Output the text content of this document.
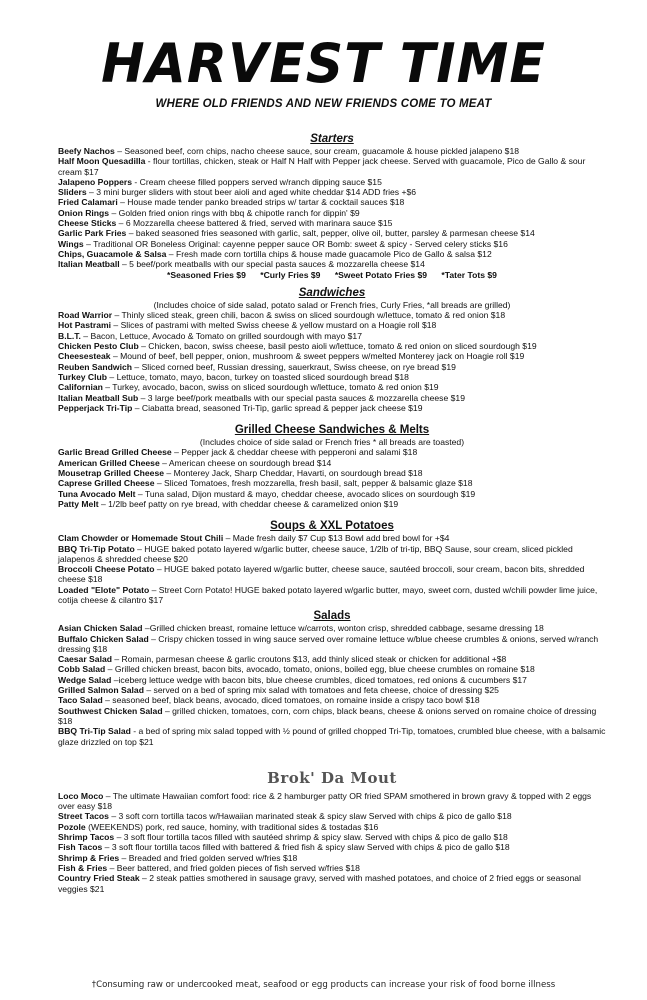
HARVEST TIME
WHERE OLD FRIENDS AND NEW FRIENDS COME TO MEAT
Starters

Beefy Nachos – Seasoned beef, corn chips, nacho cheese sauce, sour cream, guacamole & house pickled jalapeno $18

Half Moon Quesadilla - flour tortillas, chicken, steak or Half N Half with Pepper jack cheese. Served with guacamole, Pico de Gallo & sour cream $17

Jalapeno Poppers - Cream cheese filled poppers served w/ranch dipping sauce $15

Sliders – 3 mini burger sliders with stout beer aioli and aged white cheddar $14 ADD fries +$6

Fried Calamari – House made tender panko breaded strips w/ tartar & cocktail sauces $18

Onion Rings – Golden fried onion rings with bbq & chipotle ranch for dippin' $9

Cheese Sticks – 6 Mozzarella cheese battered & fried, served with marinara sauce $15

Garlic Park Fries – baked seasoned fries seasoned with garlic, salt, pepper, olive oil, butter, parsley & parmesan cheese $14

Wings – Traditional OR Boneless Original: cayenne pepper sauce OR Bomb: sweet & spicy - Served celery sticks $16

Chips, Guacamole & Salsa – Fresh made corn tortilla chips & house made guacamole Pico de Gallo & salsa $12

Italian Meatball – 5 beef/pork meatballs with our special pasta sauces & mozzarella cheese $14

*Seasoned Fries $9 *Curly Fries $9 *Sweet Potato Fries $9 *Tater Tots $9
Sandwiches
(Includes choice of side salad, potato salad or French fries, Curly Fries, *all breads are grilled)

Road Warrior – Thinly sliced steak, green chili, bacon & swiss on sliced sourdough w/lettuce, tomato & red onion $18

Hot Pastrami – Slices of pastrami with melted Swiss cheese & yellow mustard on a Hoagie roll $18

B.L.T. – Bacon, Lettuce, Avocado & Tomato on grilled sourdough with mayo $17

Chicken Pesto Club – Chicken, bacon, swiss cheese, basil pesto aioli w/lettuce, tomato & red onion on sliced sourdough $19

Cheesesteak – Mound of beef, bell pepper, onion, mushroom & sweet peppers w/melted Monterey jack on Hoagie roll $19

Reuben Sandwich – Sliced corned beef, Russian dressing, sauerkraut, Swiss cheese, on rye bread $19

Turkey Club – Lettuce, tomato, mayo, bacon, turkey on toasted sliced sourdough bread $18

Californian – Turkey, avocado, bacon, swiss on sliced sourdough w/lettuce, tomato & red onion $19

Italian Meatball Sub – 3 large beef/pork meatballs with our special pasta sauces & mozzarella cheese $19

Pepperjack Tri-Tip – Ciabatta bread, seasoned Tri-Tip, garlic spread & pepper jack cheese $19

Grilled Cheese Sandwiches & Melts
(Includes choice of side salad or French fries * all breads are toasted)

Garlic Bread Grilled Cheese – Pepper jack & cheddar cheese with pepperoni and salami $18

American Grilled Cheese – American cheese on sourdough bread $14

Mousetrap Grilled Cheese – Monterey Jack, Sharp Cheddar, Havarti, on sourdough bread $18

Caprese Grilled Cheese – Sliced Tomatoes, fresh mozzarella, fresh basil, salt, pepper & balsamic glaze $18

Tuna Avocado Melt – Tuna salad, Dijon mustard & mayo, cheddar cheese, avocado slices on sourdough $19

Patty Melt – 1/2lb beef patty on rye bread, with cheddar cheese & caramelized onion $19

Soups & XXL Potatoes

Clam Chowder or Homemade Stout Chili – Made fresh daily $7 Cup $13 Bowl add bred bowl for +$4

BBQ Tri-Tip Potato – HUGE baked potato layered w/garlic butter, cheese sauce, 1/2lb of tri-tip, BBQ Sause, sour cream, sliced pickled jalapenos & shredded cheese $20

Broccoli Cheese Potato – HUGE baked potato layered w/garlic butter, cheese sauce, sautéed broccoli, sour cream, bacon bits, shredded cheese $18

Loaded "Elote" Potato – Street Corn Potato! HUGE baked potato layered w/garlic butter, mayo, sweet corn, dusted w/chili powder lime juice, cotija cheese & cilantro $17

Salads

Asian Chicken Salad –Grilled chicken breast, romaine lettuce w/carrots, wonton crisp, shredded cabbage, sesame dressing 18

Buffalo Chicken Salad – Crispy chicken tossed in wing sauce served over romaine lettuce w/blue cheese crumbles & onions, served w/ranch dressing $18

Caesar Salad – Romain, parmesan cheese & garlic croutons $13, add thinly sliced steak or chicken for additional +$8

Cobb Salad – Grilled chicken breast, bacon bits, avocado, tomato, onions, boiled egg, blue cheese crumbles on romaine $18

Wedge Salad –iceberg lettuce wedge with bacon bits, blue cheese crumbles, diced tomatoes, red onions & cucumbers $17

Grilled Salmon Salad – served on a bed of spring mix salad with tomatoes and feta cheese, choice of dressing $25

Taco Salad – seasoned beef, black beans, avocado, diced tomatoes, on romaine inside a crispy taco bowl $18

Southwest Chicken Salad – grilled chicken, tomatoes, corn, corn chips, black beans, cheese & onions served on romaine choice of dressing $18

BBQ Tri-Tip Salad - a bed of spring mix salad topped with ½ pound of grilled chopped Tri-Tip, tomatoes, crumbled blue cheese, with a balsamic glaze drizzled on top $21

Brok' Da Mout

Loco Moco – The ultimate Hawaiian comfort food: rice & 2 hamburger patty OR fried SPAM smothered in brown gravy & topped with 2 eggs over easy $18

Street Tacos – 3 soft corn tortilla tacos w/Hawaiian marinated steak & spicy slaw Served with chips & pico de gallo $18

Pozole (WEEKENDS) pork, red sauce, hominy, with traditional sides & tostadas $16

Shrimp Tacos – 3 soft flour tortilla tacos filled with sautéed shrimp & spicy slaw. Served with chips & pico de gallo $18

Fish Tacos – 3 soft flour tortilla tacos filled with battered & fried fish & spicy slaw Served with chips & pico de gallo $18

Shrimp & Fries – Breaded and fried golden served w/fries $18

Fish & Fries – Beer battered, and fried golden pieces of fish served w/fries $18

Country Fried Steak – 2 steak patties smothered in sausage gravy, served with mashed potatoes, and choice of 2 fried eggs or seasonal veggies $21

†Consuming raw or undercooked meat, seafood or egg products can increase your risk of food borne illness
